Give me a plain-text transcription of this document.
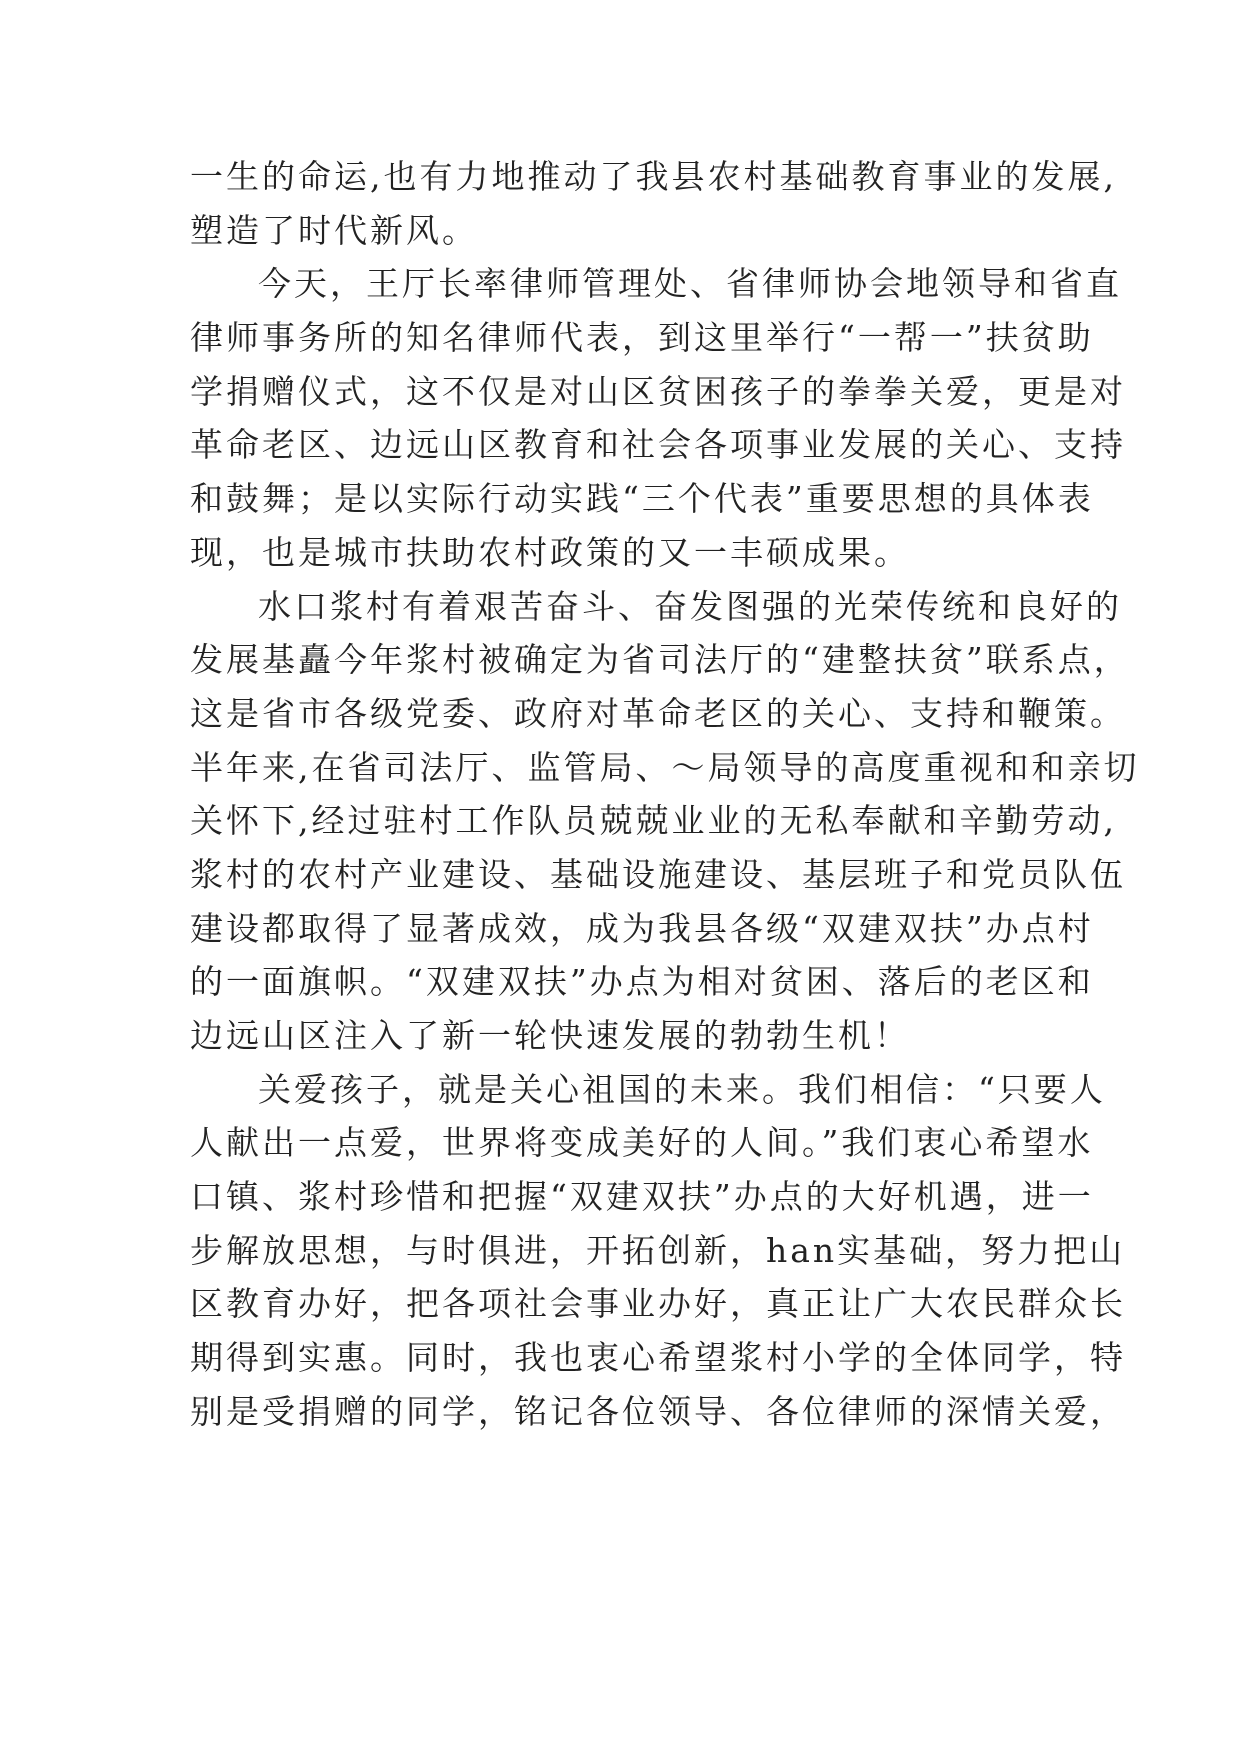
一生的命运,也有力地推动了我县农村基础教育事业的发展,
塑造了时代新风。
今天，王厅长率律师管理处、省律师协会地领导和省直
律师事务所的知名律师代表，到这里举行“一帮一”扶贫助
学捐赠仪式，这不仅是对山区贫困孩子的拳拳关爱，更是对
革命老区、边远山区教育和社会各项事业发展的关心、支持
和鼓舞；是以实际行动实践“三个代表”重要思想的具体表
现，也是城市扶助农村政策的又一丰硕成果。
水口浆村有着艰苦奋斗、奋发图强的光荣传统和良好的
发展基矗今年浆村被确定为省司法厅的“建整扶贫”联系点，
这是省市各级党委、政府对革命老区的关心、支持和鞭策。
半年来,在省司法厅、监管局、～局领导的高度重视和和亲切
关怀下,经过驻村工作队员兢兢业业的无私奉献和辛勤劳动,
浆村的农村产业建设、基础设施建设、基层班子和党员队伍
建设都取得了显著成效，成为我县各级“双建双扶”办点村
的一面旗帜。“双建双扶”办点为相对贫困、落后的老区和
边远山区注入了新一轮快速发展的勃勃生机！
关爱孩子，就是关心祖国的未来。我们相信：“只要人
人献出一点爱，世界将变成美好的人间。”我们衷心希望水
口镇、浆村珍惜和把握“双建双扶”办点的大好机遇，进一
步解放思想，与时俱进，开拓创新，han实基础，努力把山
区教育办好，把各项社会事业办好，真正让广大农民群众长
期得到实惠。同时，我也衷心希望浆村小学的全体同学，特
别是受捐赠的同学，铭记各位领导、各位律师的深情关爱，
